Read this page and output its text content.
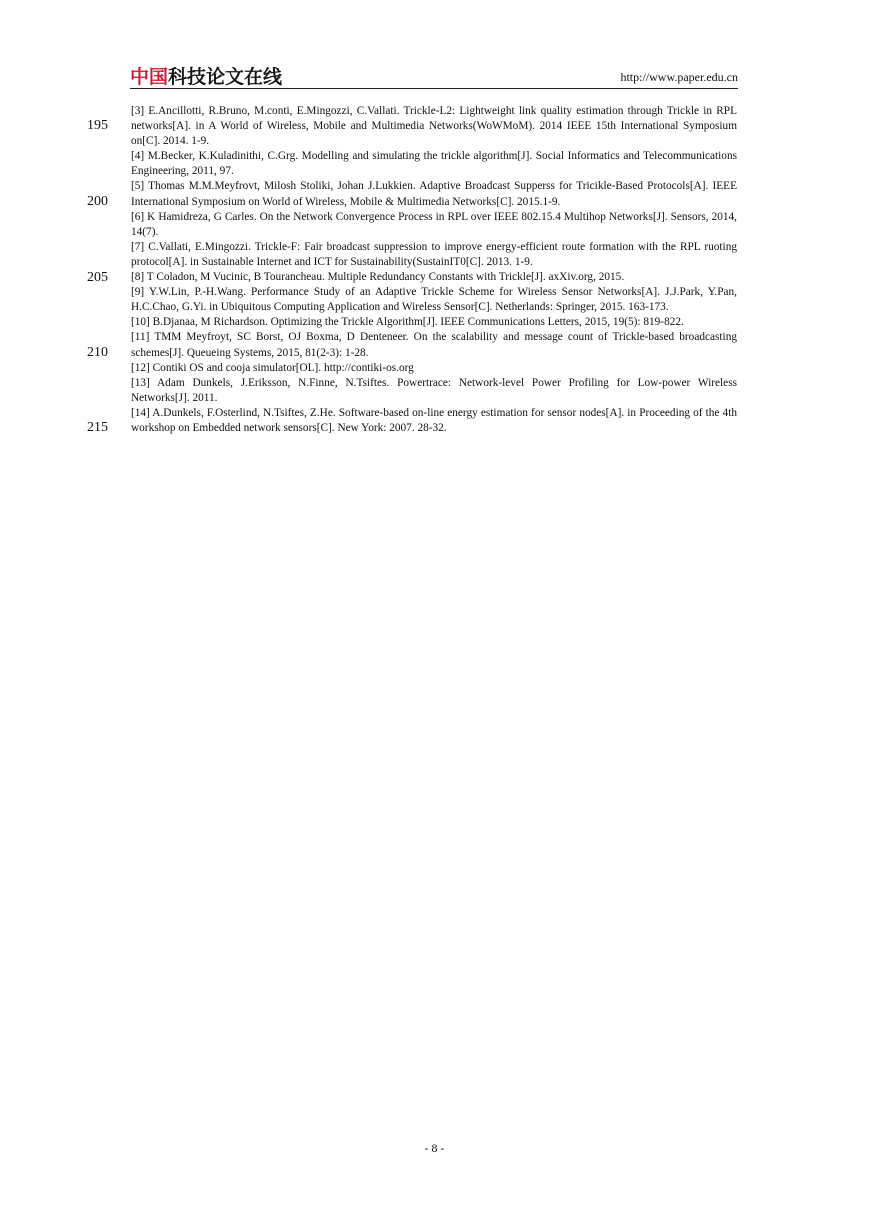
中国 科技论文在线	http://www.paper.edu.cn
195
200
205
210
215

[3] E.Ancillotti, R.Bruno, M.conti, E.Mingozzi, C.Vallati. Trickle-L2: Lightweight link quality estimation through Trickle in RPL networks[A]. in A World of Wireless, Mobile and Multimedia Networks(WoWMoM). 2014 IEEE 15th International Symposium on[C]. 2014. 1-9.

[4] M.Becker, K.Kuladinithi, C.Grg. Modelling and simulating the trickle algorithm[J]. Social Informatics and Telecommunications Engineering, 2011, 97.

[5] Thomas M.M.Meyfrovt, Milosh Stoliki, Johan J.Lukkien. Adaptive Broadcast Supperss for Tricikle-Based Protocols[A]. IEEE International Symposium on World of Wireless, Mobile & Multimedia Networks[C]. 2015.1-9.

[6] K Hamidreza, G Carles. On the Network Convergence Process in RPL over IEEE 802.15.4 Multihop Networks[J]. Sensors, 2014, 14(7).

[7] C.Vallati, E.Mingozzi. Trickle-F: Fair broadcast suppression to improve energy-efficient route formation with the RPL ruoting protocol[A]. in Sustainable Internet and ICT for Sustainability(SustainIT0[C]. 2013. 1-9.

[8] T Coladon, M Vucinic, B Tourancheau. Multiple Redundancy Constants with Trickle[J]. axXiv.org, 2015.

[9] Y.W.Lin, P.-H.Wang. Performance Study of an Adaptive Trickle Scheme for Wireless Sensor Networks[A]. J.J.Park, Y.Pan, H.C.Chao, G.Yi. in Ubiquitous Computing Application and Wireless Sensor[C]. Netherlands: Springer, 2015. 163-173.

[10] B.Djanaa, M Richardson. Optimizing the Trickle Algorithm[J]. IEEE Communications Letters, 2015, 19(5): 819-822.

[11] TMM Meyfroyt, SC Borst, OJ Boxma, D Denteneer. On the scalability and message count of Trickle-based broadcasting schemes[J]. Queueing Systems, 2015, 81(2-3): 1-28.

[12] Contiki OS and cooja simulator[OL]. http://contiki-os.org

[13] Adam Dunkels, J.Eriksson, N.Finne, N.Tsiftes. Powertrace: Network-level Power Profiling for Low-power Wireless Networks[J]. 2011.

[14] A.Dunkels, F.Osterlind, N.Tsiftes, Z.He. Software-based on-line energy estimation for sensor nodes[A]. in Proceeding of the 4th workshop on Embedded network sensors[C]. New York: 2007. 28-32.

- 8 -
